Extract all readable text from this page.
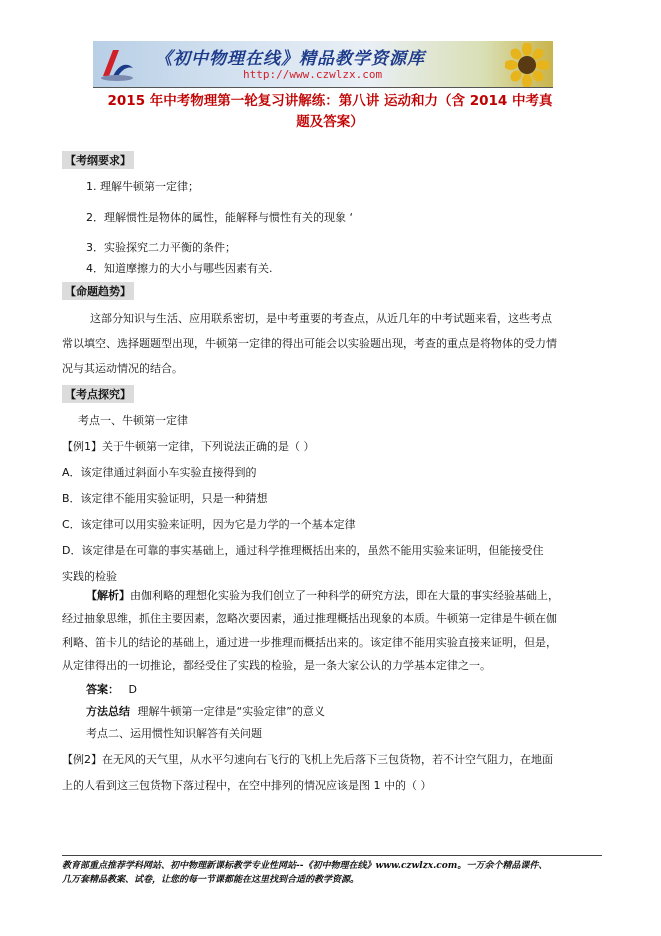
《初中物理在线》精品教学资源库
http://www.czwlzx.com
2015 年中考物理第一轮复习讲解练：第八讲 运动和力（含 2014 中考真
题及答案）
【考纲要求】
1. 理解牛顿第一定律；
2．理解惯性是物体的属性，能解释与惯性有关的现象 ‘
3．实验探究二力平衡的条件；
4．知道摩擦力的大小与哪些因素有关.
【命题趋势】
这部分知识与生活、应用联系密切，是中考重要的考查点，从近几年的中考试题来看，这些考点
常以填空、选择题题型出现，牛顿第一定律的得出可能会以实验题出现，考查的重点是将物体的受力情
况与其运动情况的结合。
【考点探究】
考点一、牛顿第一定律
【例1】关于牛顿第一定律，下列说法正确的是（ ）
A．该定律通过斜面小车实验直接得到的
B．该定律不能用实验证明，只是一种猜想
C．该定律可以用实验来证明，因为它是力学的一个基本定律
D．该定律是在可靠的事实基础上，通过科学推理概括出来的，虽然不能用实验来证明，但能接受住
实践的检验
【解析】由伽利略的理想化实验为我们创立了一种科学的研究方法，即在大量的事实经验基础上，
经过抽象思维，抓住主要因素，忽略次要因素，通过推理概括出现象的本质。牛顿第一定律是牛顿在伽
利略、笛卡儿的结论的基础上，通过进一步推理而概括出来的。该定律不能用实验直接来证明，但是，
从定律得出的一切推论，都经受住了实践的检验，是一条大家公认的力学基本定律之一。
答案： D
方法总结 理解牛顿第一定律是“实验定律”的意义
考点二、运用惯性知识解答有关问题
【例2】在无风的天气里，从水平匀速向右飞行的飞机上先后落下三包货物，若不计空气阻力，在地面
上的人看到这三包货物下落过程中，在空中排列的情况应该是图 1 中的（ ）
教育部重点推荐学科网站、初中物理新课标教学专业性网站--《初中物理在线》www.czwlzx.com。一万余个精品课件、
几万套精品教案、试卷，让您的每一节课都能在这里找到合适的教学资源。
